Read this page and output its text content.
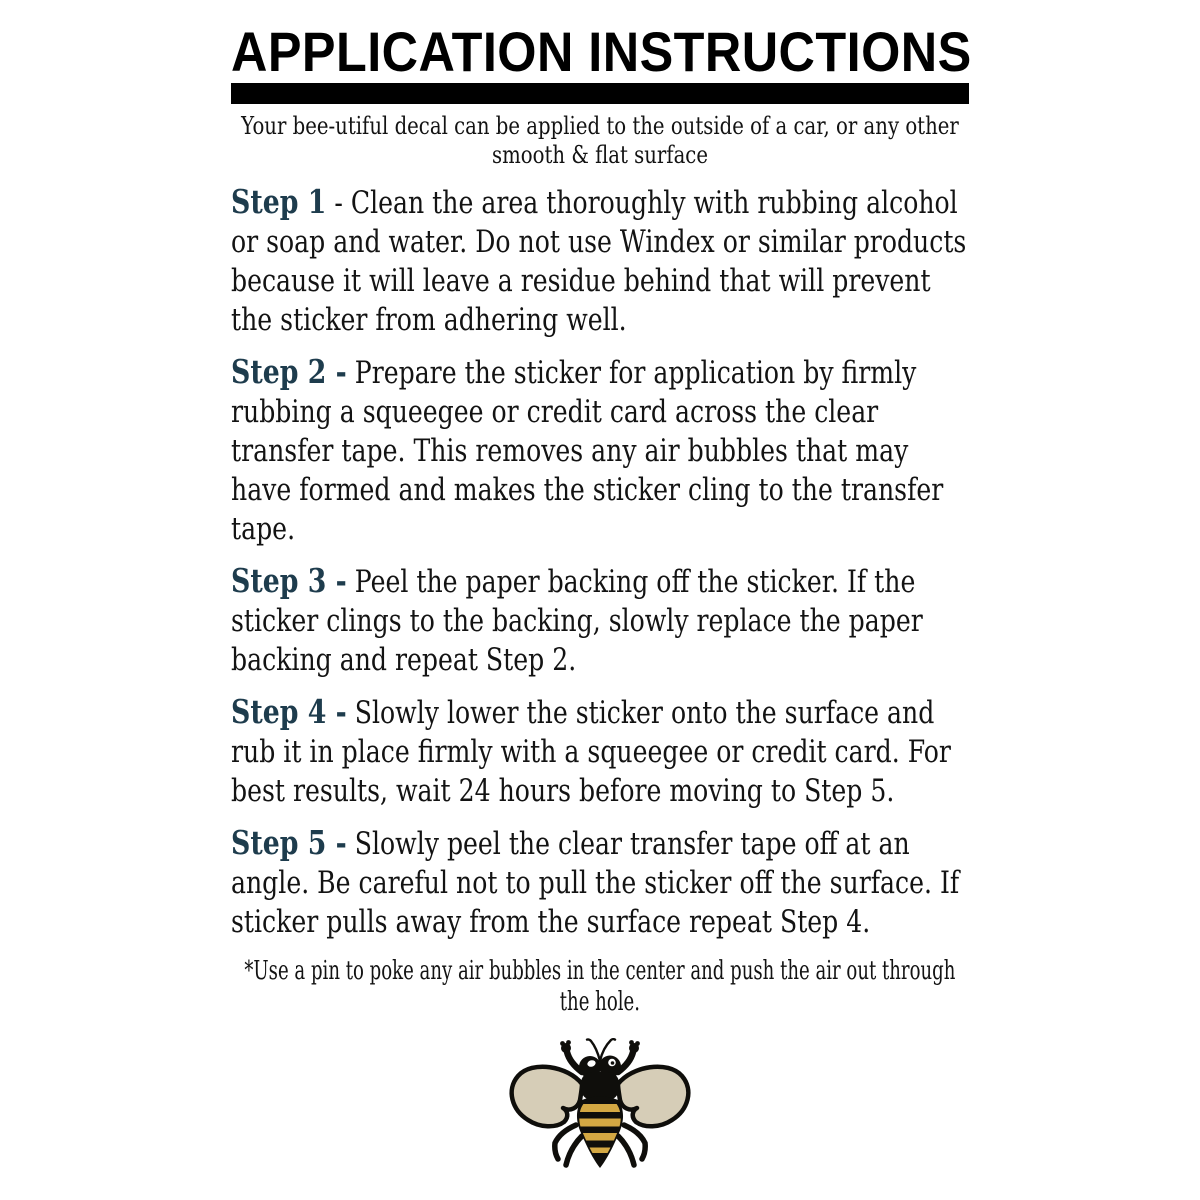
APPLICATION INSTRUCTIONS

Your bee-utiful decal can be applied to the outside of a car, or any other smooth & flat surface

Step 1 - Clean the area thoroughly with rubbing alcohol or soap and water. Do not use Windex or similar products because it will leave a residue behind that will prevent the sticker from adhering well.

Step 2 - Prepare the sticker for application by firmly rubbing a squeegee or credit card across the clear transfer tape. This removes any air bubbles that may have formed and makes the sticker cling to the transfer tape.

Step 3 - Peel the paper backing off the sticker. If the sticker clings to the backing, slowly replace the paper backing and repeat Step 2.

Step 4 - Slowly lower the sticker onto the surface and rub it in place firmly with a squeegee or credit card. For best results, wait 24 hours before moving to Step 5.

Step 5 - Slowly peel the clear transfer tape off at an angle. Be careful not to pull the sticker off the surface. If sticker pulls away from the surface repeat Step 4.

*Use a pin to poke any air bubbles in the center and push the air out through the hole.
